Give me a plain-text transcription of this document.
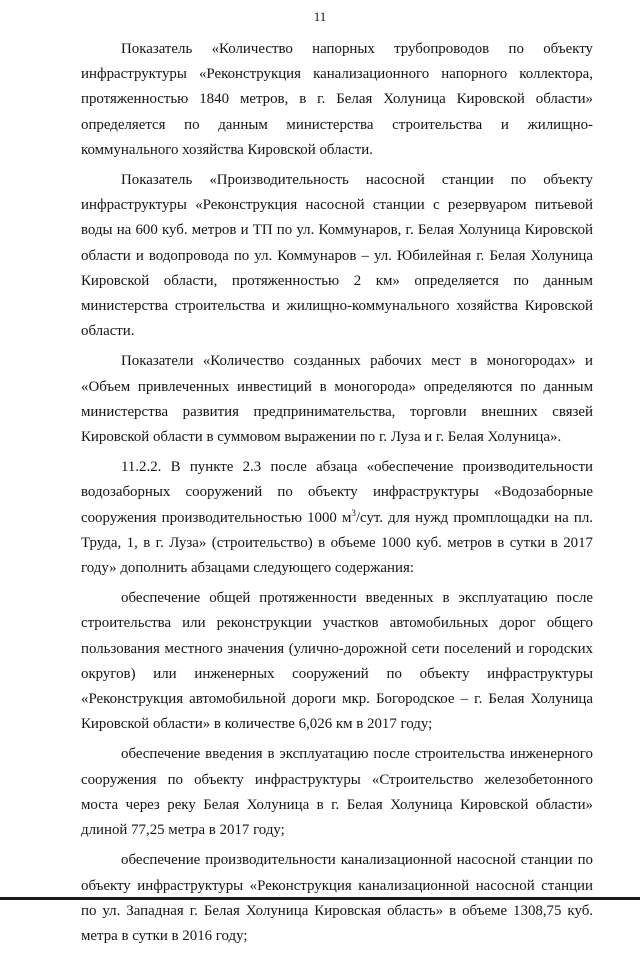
11

Показатель «Количество напорных трубопроводов по объекту инфраструктуры «Реконструкция канализационного напорного коллектора, протяженностью 1840 метров, в г. Белая Холуница Кировской области» определяется по данным министерства строительства и жилищно-коммунального хозяйства Кировской области.

Показатель «Производительность насосной станции по объекту инфраструктуры «Реконструкция насосной станции с резервуаром питьевой воды на 600 куб. метров и ТП по ул. Коммунаров, г. Белая Холуница Кировской области и водопровода по ул. Коммунаров – ул. Юбилейная г. Белая Холуница Кировской области, протяженностью 2 км» определяется по данным министерства строительства и жилищно-коммунального хозяйства Кировской области.

Показатели «Количество созданных рабочих мест в моногородах» и «Объем привлеченных инвестиций в моногорода» определяются по данным министерства развития предпринимательства, торговли внешних связей Кировской области в суммовом выражении по г. Луза и г. Белая Холуница».

11.2.2. В пункте 2.3 после абзаца «обеспечение производительности водозаборных сооружений по объекту инфраструктуры «Водозаборные сооружения производительностью 1000 $м^3$/сут. для нужд промплощадки на пл. Труда, 1, в г. Луза» (строительство) в объеме 1000 куб. метров в сутки в 2017 году» дополнить абзацами следующего содержания:

обеспечение общей протяженности введенных в эксплуатацию после строительства или реконструкции участков автомобильных дорог общего пользования местного значения (улично-дорожной сети поселений и городских округов) или инженерных сооружений по объекту инфраструктуры «Реконструкция автомобильной дороги мкр. Богородское – г. Белая Холуница Кировской области» в количестве 6,026 км в 2017 году;

обеспечение введения в эксплуатацию после строительства инженерного сооружения по объекту инфраструктуры «Строительство железобетонного моста через реку Белая Холуница в г. Белая Холуница Кировской области» длиной 77,25 метра в 2017 году;

обеспечение производительности канализационной насосной станции по объекту инфраструктуры «Реконструкция канализационной насосной станции по ул. Западная г. Белая Холуница Кировская область» в объеме 1308,75 куб. метра в сутки в 2016 году;
